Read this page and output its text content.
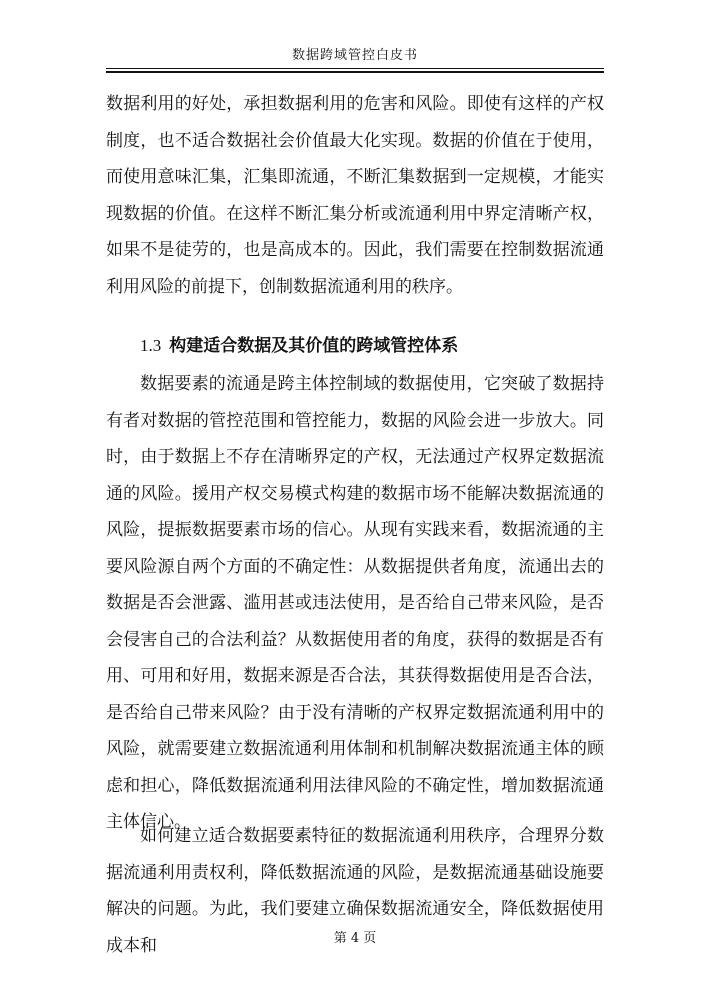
数据跨域管控白皮书
数据利用的好处，承担数据利用的危害和风险。即使有这样的产权制度，也不适合数据社会价值最大化实现。数据的价值在于使用，而使用意味汇集，汇集即流通，不断汇集数据到一定规模，才能实现数据的价值。在这样不断汇集分析或流通利用中界定清晰产权，如果不是徒劳的，也是高成本的。因此，我们需要在控制数据流通利用风险的前提下，创制数据流通利用的秩序。
1.3 构建适合数据及其价值的跨域管控体系
数据要素的流通是跨主体控制域的数据使用，它突破了数据持有者对数据的管控范围和管控能力，数据的风险会进一步放大。同时，由于数据上不存在清晰界定的产权，无法通过产权界定数据流通的风险。援用产权交易模式构建的数据市场不能解决数据流通的风险，提振数据要素市场的信心。从现有实践来看，数据流通的主要风险源自两个方面的不确定性：从数据提供者角度，流通出去的数据是否会泄露、滥用甚或违法使用，是否给自己带来风险，是否会侵害自己的合法利益？从数据使用者的角度，获得的数据是否有用、可用和好用，数据来源是否合法，其获得数据使用是否合法，是否给自己带来风险？由于没有清晰的产权界定数据流通利用中的风险，就需要建立数据流通利用体制和机制解决数据流通主体的顾虑和担心，降低数据流通利用法律风险的不确定性，增加数据流通主体信心。
如何建立适合数据要素特征的数据流通利用秩序，合理界分数据流通利用责权利，降低数据流通的风险，是数据流通基础设施要解决的问题。为此，我们要建立确保数据流通安全，降低数据使用成本和	第 4 页
